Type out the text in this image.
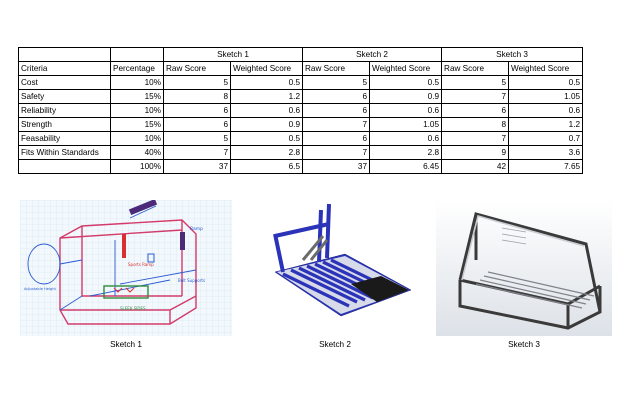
		Sketch 1		Sketch 2		Sketch 3	
Criteria	Percentage	Raw Score	Weighted Score	Raw Score	Weighted Score	Raw Score	Weighted Score
Cost	10%	5	0.5	5	0.5	5	0.5
Safety	15%	8	1.2	6	0.9	7	1.05
Reliability	10%	6	0.6	6	0.6	6	0.6
Strength	15%	6	0.9	7	1.05	8	1.2
Feasability	10%	5	0.5	6	0.6	7	0.7
Fits Within Standards	40%	7	2.8	7	2.8	9	3.6
	100%	37	6.5	37	6.45	42	7.65
Ramp
Sports Ramp
Bolt Supports
SLEEK SIDES
Adjustable Height
Sketch 1	Sketch 2	Sketch 3
